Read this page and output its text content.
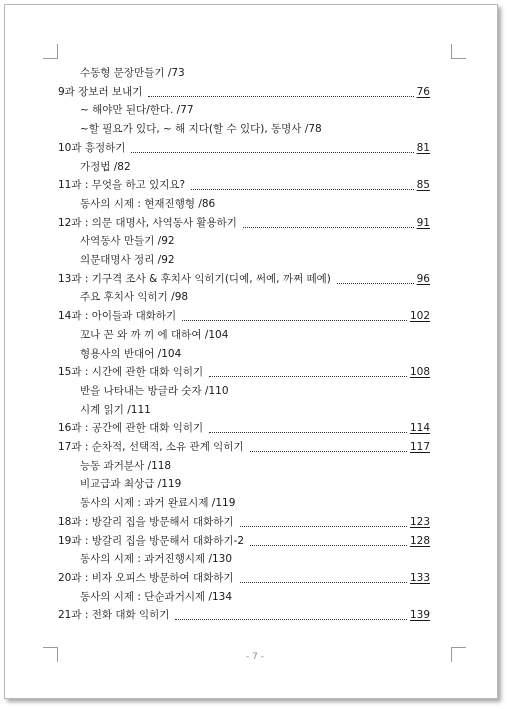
수동형 문장만들기 /73
9과 장보러 보내기	76
~ 해야만 된다/한다. /77
~할 필요가 있다, ~ 해 지다(할 수 있다), 동명사 /78
10과 흥정하기	81
가정법 /82
11과 : 무엇을 하고 있지요?	85
동사의 시제 : 현재진행형 /86
12과 : 의문 대명사, 사역동사 활용하기	91
사역동사 만들기 /92
의문대명사 정리 /92
13과 : 기구격 조사 & 후치사 익히기(디예, 써예, 까쩌 떼예)	96
주요 후치사 익히기 /98
14과 : 아이들과 대화하기	102
꼬나 꼰 와 까 끼 에 대하여 /104
형용사의 반대어 /104
15과 : 시간에 관한 대화 익히기	108
반을 나타내는 방글라 숫자 /110
시계 읽기 /111
16과 : 공간에 관한 대화 익히기	114
17과 : 순차적, 선택적, 소유 관계 익히기	117
능동 과거분사 /118
비교급과 최상급 /119
동사의 시제 : 과거 완료시제 /119
18과 : 방갈리 집을 방문해서 대화하기	123
19과 : 방갈리 집을 방문해서 대화하기-2	128
동사의 시제 : 과거진행시제 /130
20과 : 비자 오피스 방문하여 대화하기	133
동사의 시제 : 단순과거시제 /134
21과 : 전화 대화 익히기	139
- 7 -
